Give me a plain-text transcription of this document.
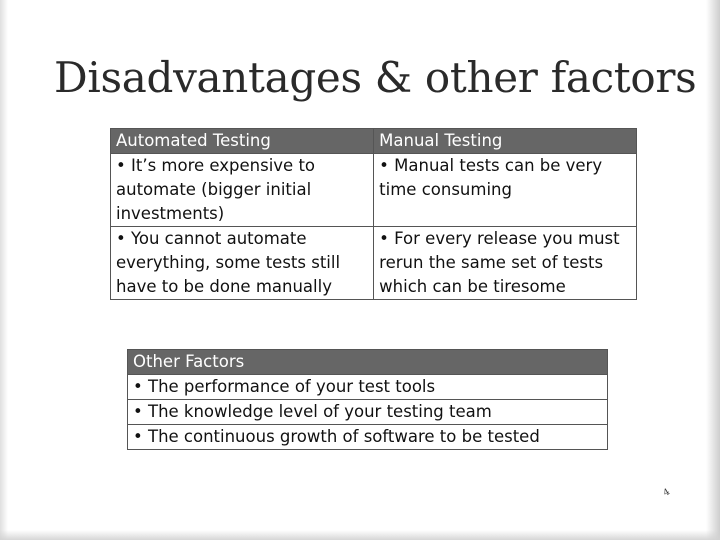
Disadvantages & other factors
Automated Testing	Manual Testing
• It’s more expensive to automate (bigger initial investments)	• Manual tests can be very time consuming
• You cannot automate everything, some tests still have to be done manually	• For every release you must rerun the same set of tests which can be tiresome
Other Factors
• The performance of your test tools
• The knowledge level of your testing team
• The continuous growth of software to be tested
4
